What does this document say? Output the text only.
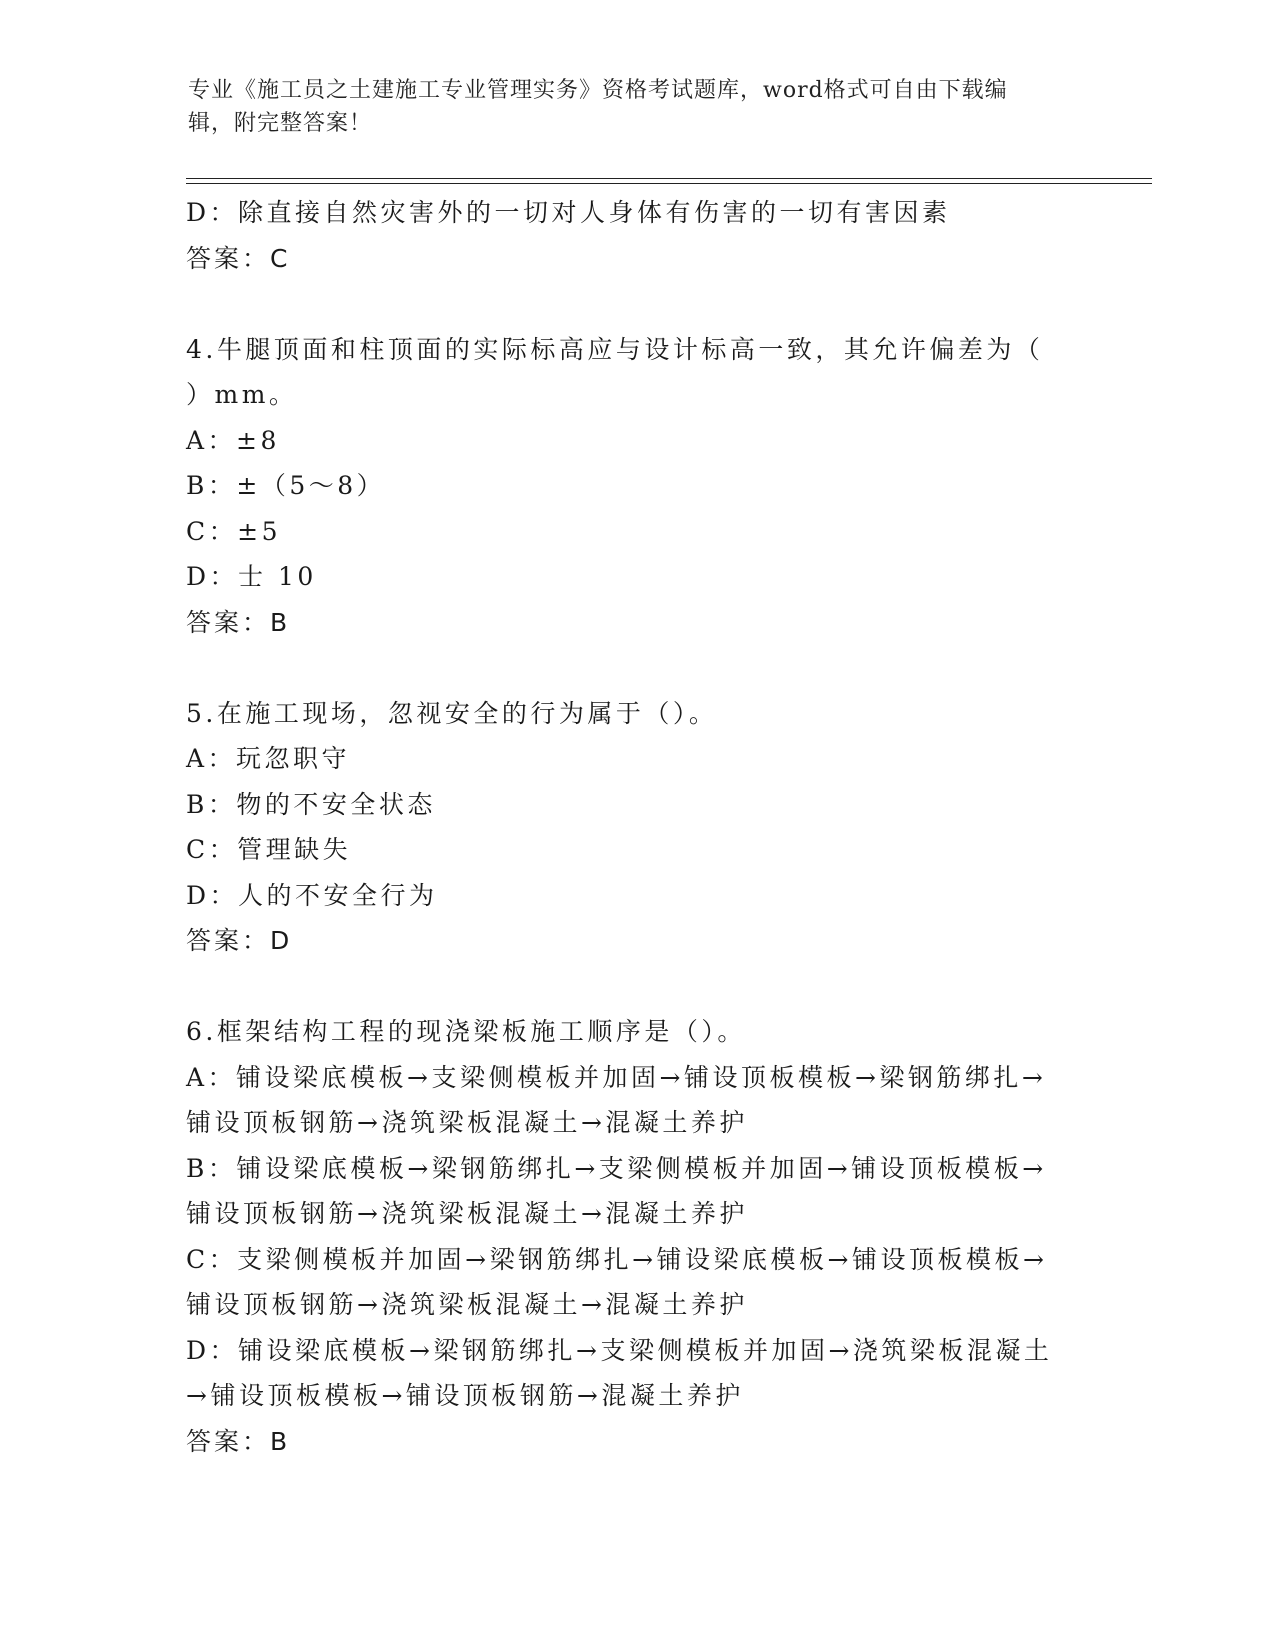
专业《施工员之土建施工专业管理实务》资格考试题库，word格式可自由下载编
辑，附完整答案！
D：除直接自然灾害外的一切对人身体有伤害的一切有害因素
答案：C
4.牛腿顶面和柱顶面的实际标高应与设计标高一致，其允许偏差为（
）mm。
A：±8
B：±（5～8）
C：±5
D：士 10
答案：B
5.在施工现场，忽视安全的行为属于（）。
A：玩忽职守
B：物的不安全状态
C：管理缺失
D：人的不安全行为
答案：D
6.框架结构工程的现浇梁板施工顺序是（）。
A：铺设梁底模板→支梁侧模板并加固→铺设顶板模板→梁钢筋绑扎→
铺设顶板钢筋→浇筑梁板混凝土→混凝土养护
B：铺设梁底模板→梁钢筋绑扎→支梁侧模板并加固→铺设顶板模板→
铺设顶板钢筋→浇筑梁板混凝土→混凝土养护
C：支梁侧模板并加固→梁钢筋绑扎→铺设梁底模板→铺设顶板模板→
铺设顶板钢筋→浇筑梁板混凝土→混凝土养护
D：铺设梁底模板→梁钢筋绑扎→支梁侧模板并加固→浇筑梁板混凝土
→铺设顶板模板→铺设顶板钢筋→混凝土养护
答案：B
